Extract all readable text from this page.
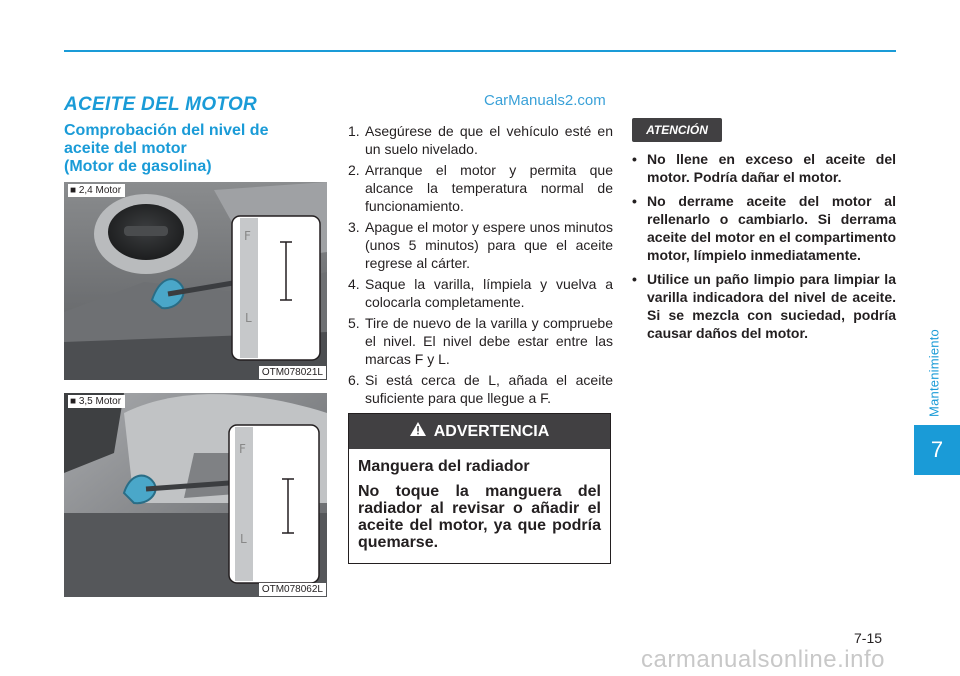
Mantenimiento
7
ACEITE DEL MOTOR	CarManuals2.com
Comprobación del nivel de
aceite del motor
(Motor de gasolina)
F
L
■ 2,4 Motor
OTM078021L
F
L
■ 3,5 Motor
OTM078062L
1. Asegúrese de que el vehículo esté en un suelo nivelado.
2. Arranque el motor y permita que alcance la temperatura normal de funcionamiento.
3. Apague el motor y espere unos minutos (unos 5 minutos) para que el aceite regrese al cárter.
4. Saque la varilla, límpiela y vuelva a colocarla completamente.
5. Tire de nuevo de la varilla y compruebe el nivel. El nivel debe estar entre las marcas F y L.
6. Si está cerca de L, añada el aceite suficiente para que llegue a F.
ADVERTENCIA
Manguera del radiador
No toque la manguera del radiador al revisar o añadir el aceite del motor, ya que podría quemarse.
ATENCIÓN
• No llene en exceso el aceite del motor. Podría dañar el motor.
• No derrame aceite del motor al rellenarlo o cambiarlo. Si derrama aceite del motor en el compartimento motor, límpielo inmediatamente.
• Utilice un paño limpio para limpiar la varilla indicadora del nivel de aceite. Si se mezcla con suciedad, podría causar daños del motor.
7-15
carmanualsonline.info
